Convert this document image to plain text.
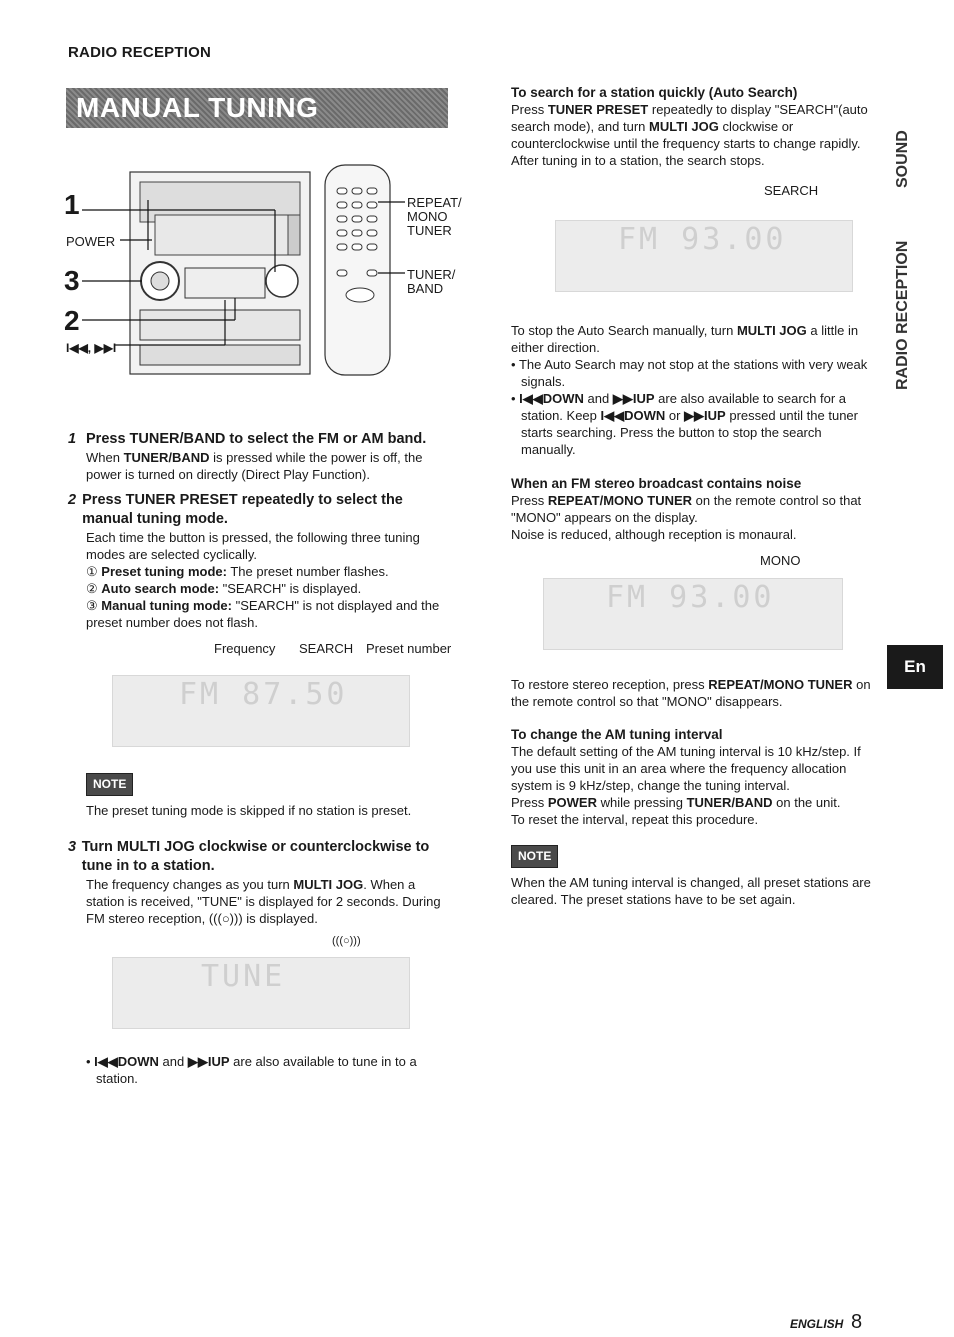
RADIO RECEPTION
MANUAL TUNING
1
3
2
POWER
I◀◀, ▶▶I
REPEAT/
MONO
TUNER
TUNER/
BAND
1 Press TUNER/BAND to select the FM or AM band.
When TUNER/BAND is pressed while the power is off, the power is turned on directly (Direct Play Function).
2 Press TUNER PRESET repeatedly to select the manual tuning mode.
Each time the button is pressed, the following three tuning modes are selected cyclically.
① Preset tuning mode: The preset number flashes.
② Auto search mode: "SEARCH" is displayed.
③ Manual tuning mode: "SEARCH" is not displayed and the preset number does not flash.
Frequency SEARCH Preset number
FM 87.50
NOTE
The preset tuning mode is skipped if no station is preset.
3 Turn MULTI JOG clockwise or counterclockwise to tune in to a station.
The frequency changes as you turn MULTI JOG. When a station is received, "TUNE" is displayed for 2 seconds. During FM stereo reception, (((○))) is displayed.
(((○)))
TUNE
• I◀◀DOWN and ▶▶IUP are also available to tune in to a station.
To search for a station quickly (Auto Search)
Press TUNER PRESET repeatedly to display "SEARCH"(auto search mode), and turn MULTI JOG clockwise or counterclockwise until the frequency starts to change rapidly. After tuning in to a station, the search stops.
SEARCH
FM 93.00
To stop the Auto Search manually, turn MULTI JOG a little in either direction.
• The Auto Search may not stop at the stations with very weak signals.
• I◀◀DOWN and ▶▶IUP are also available to search for a station. Keep I◀◀DOWN or ▶▶IUP pressed until the tuner starts searching. Press the button to stop the search manually.
When an FM stereo broadcast contains noise
Press REPEAT/MONO TUNER on the remote control so that "MONO" appears on the display.
Noise is reduced, although reception is monaural.
MONO
FM 93.00
To restore stereo reception, press REPEAT/MONO TUNER on the remote control so that "MONO" disappears.
To change the AM tuning interval
The default setting of the AM tuning interval is 10 kHz/step. If you use this unit in an area where the frequency allocation system is 9 kHz/step, change the tuning interval.
Press POWER while pressing TUNER/BAND on the unit.
To reset the interval, repeat this procedure.
NOTE
When the AM tuning interval is changed, all preset stations are cleared. The preset stations have to be set again.
SOUND
RADIO RECEPTION
En
ENGLISH 8
